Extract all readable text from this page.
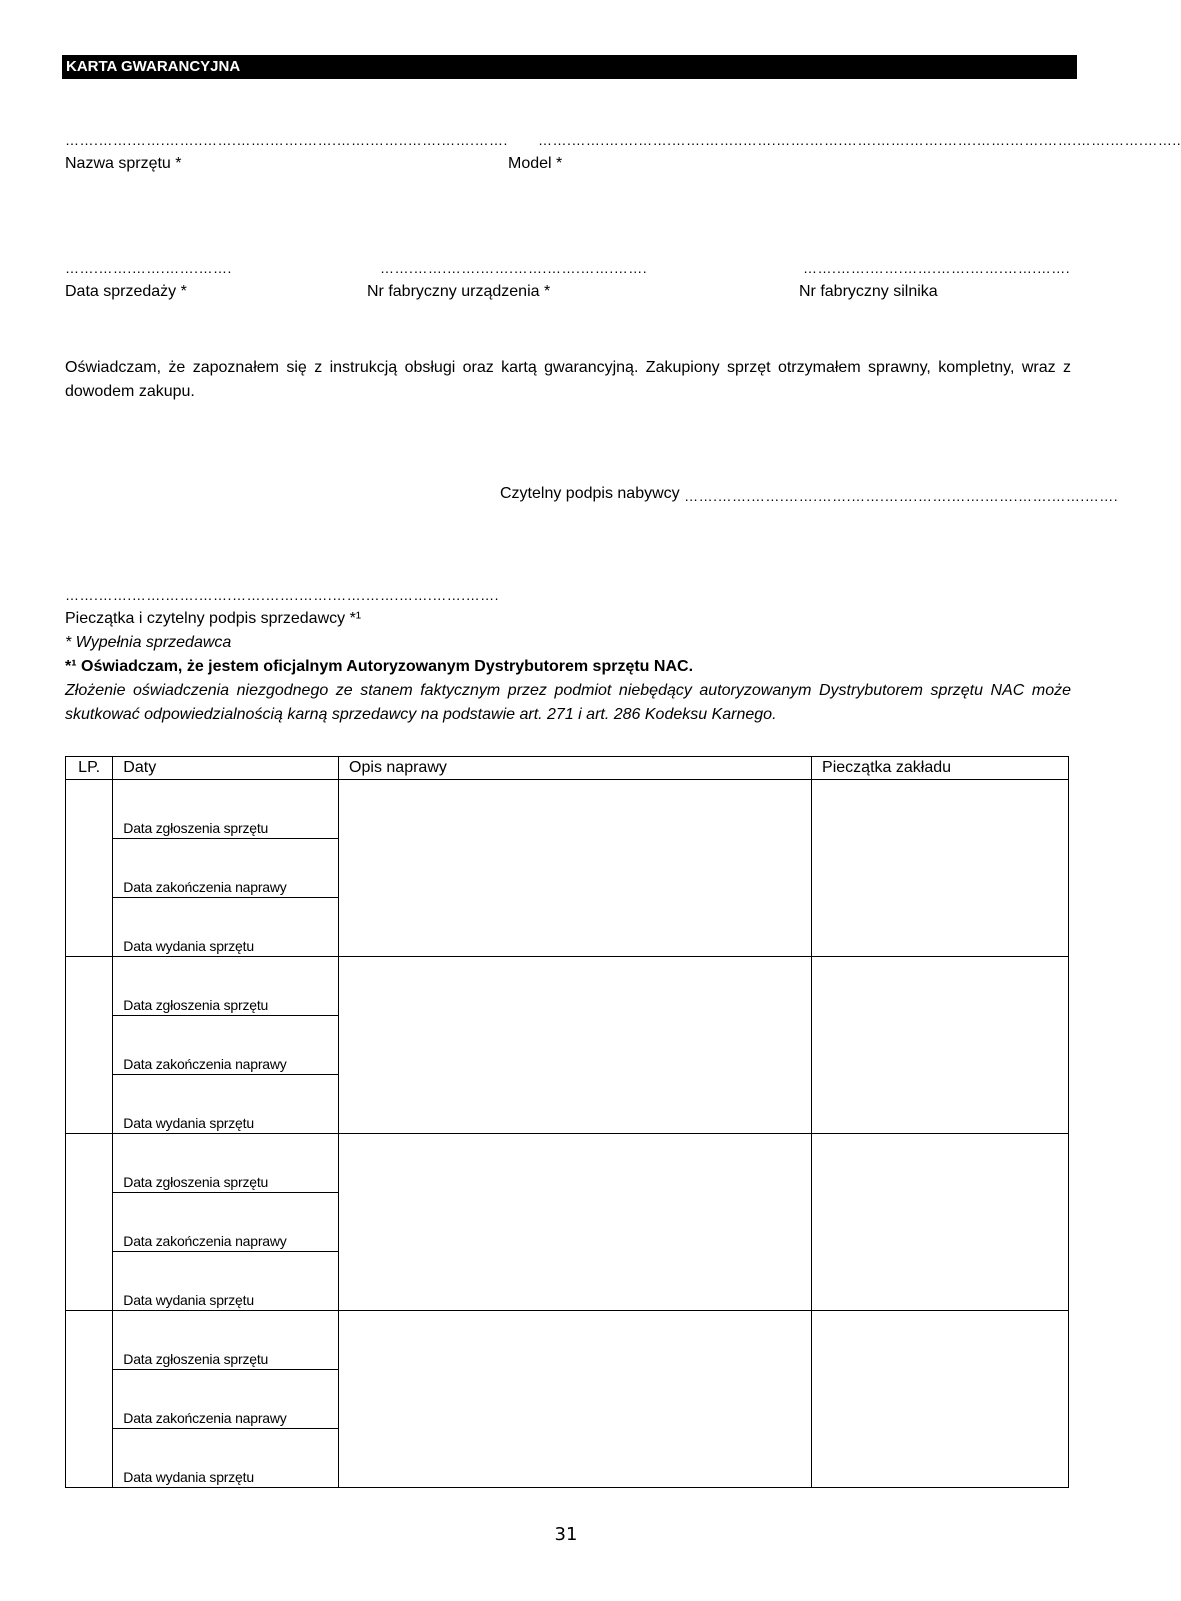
KARTA GWARANCYJNA
…….…….…….……..…….…….…….…….…….……..…….…….…….
Nazwa sprzętu *
…….…….…….…….…….……..…….…….…….…….…….…….…….…….…….…….…….…….……..
Model *
…….…….…….…….…….
Data sprzedaży *
…….…….…….…….…….…….…….…….
Nr fabryczny urządzenia *
…….…….…….…….…….…….…….…….
Nr fabryczny silnika
Oświadczam, że zapoznałem się z instrukcją obsługi oraz kartą gwarancyjną. Zakupiony sprzęt otrzymałem sprawny, kompletny, wraz z dowodem zakupu.
Czytelny podpis nabywcy …….…….…….…….…….…….…….…….…….…….…….…….…….
…….…….…….…….…….…….…….…….…….…….…….…….…….
Pieczątka i czytelny podpis sprzedawcy *¹
* Wypełnia sprzedawca
*¹ Oświadczam, że jestem oficjalnym Autoryzowanym Dystrybutorem sprzętu NAC.
Złożenie oświadczenia niezgodnego ze stanem faktycznym przez podmiot niebędący autoryzowanym Dystrybutorem sprzętu NAC może skutkować odpowiedzialnością karną sprzedawcy na podstawie art. 271 i art. 286 Kodeksu Karnego.
LP.	Daty	Opis naprawy	Pieczątka zakładu
	Data zgłoszenia sprzętu		
	Data zakończenia naprawy		
	Data wydania sprzętu		
	Data zgłoszenia sprzętu		
	Data zakończenia naprawy		
	Data wydania sprzętu		
	Data zgłoszenia sprzętu		
	Data zakończenia naprawy		
	Data wydania sprzętu		
	Data zgłoszenia sprzętu		
	Data zakończenia naprawy		
	Data wydania sprzętu		
31
